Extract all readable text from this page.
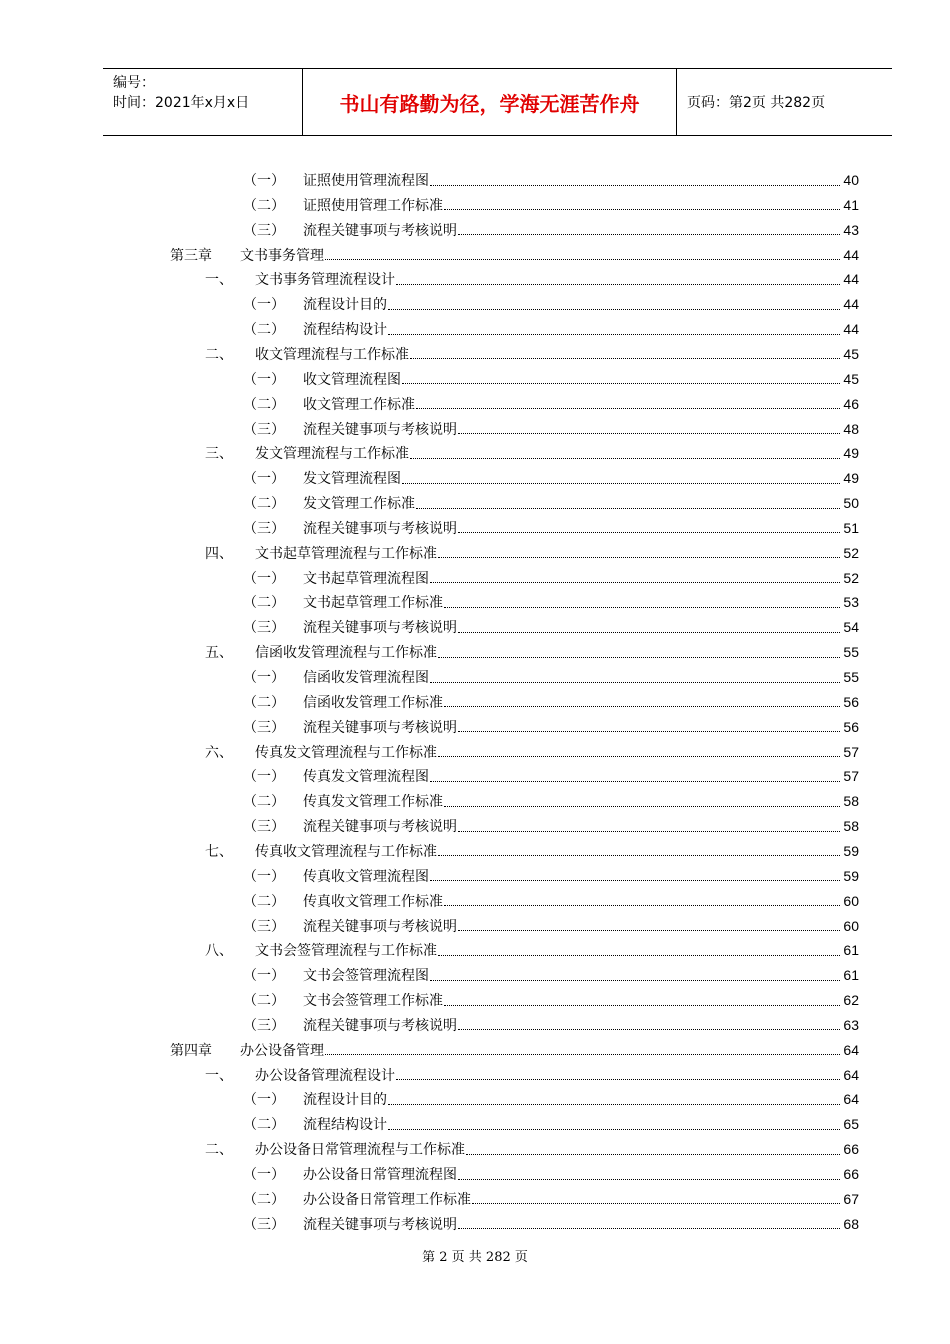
编号：
时间：2021年x月x日	书山有路勤为径，学海无涯苦作舟	页码：第2页 共282页
（一）	证照使用管理流程图	40
（二）	证照使用管理工作标准	41
（三）	流程关键事项与考核说明	43
第三章	文书事务管理	44
一、	文书事务管理流程设计	44
（一）	流程设计目的	44
（二）	流程结构设计	44
二、	收文管理流程与工作标准	45
（一）	收文管理流程图	45
（二）	收文管理工作标准	46
（三）	流程关键事项与考核说明	48
三、	发文管理流程与工作标准	49
（一）	发文管理流程图	49
（二）	发文管理工作标准	50
（三）	流程关键事项与考核说明	51
四、	文书起草管理流程与工作标准	52
（一）	文书起草管理流程图	52
（二）	文书起草管理工作标准	53
（三）	流程关键事项与考核说明	54
五、	信函收发管理流程与工作标准	55
（一）	信函收发管理流程图	55
（二）	信函收发管理工作标准	56
（三）	流程关键事项与考核说明	56
六、	传真发文管理流程与工作标准	57
（一）	传真发文管理流程图	57
（二）	传真发文管理工作标准	58
（三）	流程关键事项与考核说明	58
七、	传真收文管理流程与工作标准	59
（一）	传真收文管理流程图	59
（二）	传真收文管理工作标准	60
（三）	流程关键事项与考核说明	60
八、	文书会签管理流程与工作标准	61
（一）	文书会签管理流程图	61
（二）	文书会签管理工作标准	62
（三）	流程关键事项与考核说明	63
第四章	办公设备管理	64
一、	办公设备管理流程设计	64
（一）	流程设计目的	64
（二）	流程结构设计	65
二、	办公设备日常管理流程与工作标准	66
（一）	办公设备日常管理流程图	66
（二）	办公设备日常管理工作标准	67
（三）	流程关键事项与考核说明	68
第 2 页 共 282 页
